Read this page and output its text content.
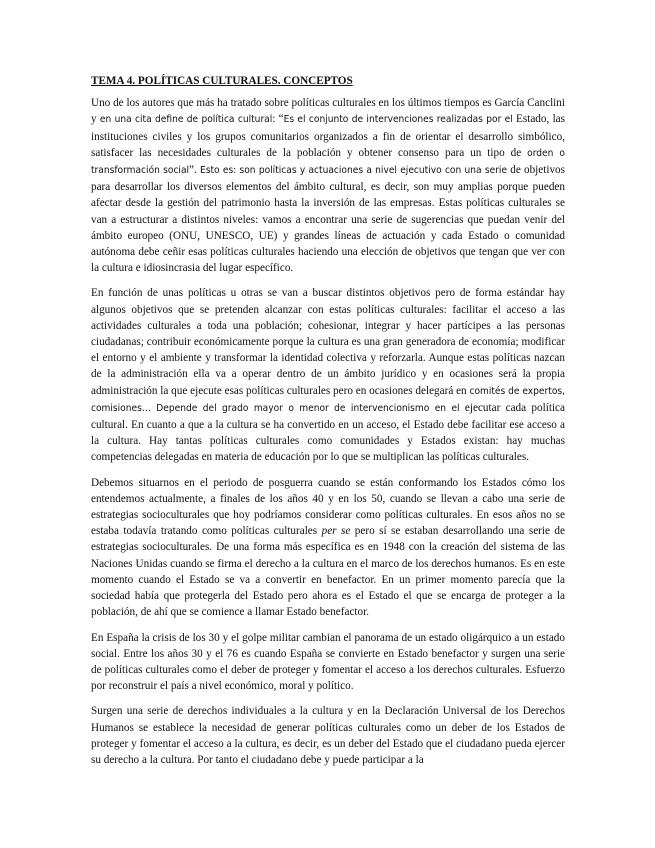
TEMA 4. POLÍTICAS CULTURALES. CONCEPTOS

Uno de los autores que más ha tratado sobre políticas culturales en los últimos tiempos es García Canclini y en una cita define de política cultural: “Es el conjunto de intervenciones realizadas por el Estado, las instituciones civiles y los grupos comunitarios organizados a fin de orientar el desarrollo simbólico, satisfacer las necesidades culturales de la población y obtener consenso para un tipo de orden o transformación social”. Esto es: son políticas y actuaciones a nivel ejecutivo con una serie de objetivos para desarrollar los diversos elementos del ámbito cultural, es decir, son muy amplias porque pueden afectar desde la gestión del patrimonio hasta la inversión de las empresas. Estas políticas culturales se van a estructurar a distintos niveles: vamos a encontrar una serie de sugerencias que puedan venir del ámbito europeo (ONU, UNESCO, UE) y grandes líneas de actuación y cada Estado o comunidad autónoma debe ceñir esas políticas culturales haciendo una elección de objetivos que tengan que ver con la cultura e idiosincrasia del lugar específico.

En función de unas políticas u otras se van a buscar distintos objetivos pero de forma estándar hay algunos objetivos que se pretenden alcanzar con estas políticas culturales: facilitar el acceso a las actividades culturales a toda una población; cohesionar, integrar y hacer partícipes a las personas ciudadanas; contribuir económicamente porque la cultura es una gran generadora de economía; modificar el entorno y el ambiente y transformar la identidad colectiva y reforzarla. Aunque estas políticas nazcan de la administración ella va a operar dentro de un ámbito jurídico y en ocasiones será la propia administración la que ejecute esas políticas culturales pero en ocasiones delegará en comités de expertos, comisiones… Depende del grado mayor o menor de intervencionismo en el ejecutar cada política cultural. En cuanto a que a la cultura se ha convertido en un acceso, el Estado debe facilitar ese acceso a la cultura. Hay tantas políticas culturales como comunidades y Estados existan: hay muchas competencias delegadas en materia de educación por lo que se multiplican las políticas culturales.

Debemos situarnos en el periodo de posguerra cuando se están conformando los Estados cómo los entendemos actualmente, a finales de los años 40 y en los 50, cuando se llevan a cabo una serie de estrategias socioculturales que hoy podríamos considerar como políticas culturales. En esos años no se estaba todavía tratando como políticas culturales per se pero sí se estaban desarrollando una serie de estrategias socioculturales. De una forma más específica es en 1948 con la creación del sistema de las Naciones Unidas cuando se firma el derecho a la cultura en el marco de los derechos humanos. Es en este momento cuando el Estado se va a convertir en benefactor. En un primer momento parecía que la sociedad había que protegerla del Estado pero ahora es el Estado el que se encarga de proteger a la población, de ahí que se comience a llamar Estado benefactor.

En España la crisis de los 30 y el golpe militar cambian el panorama de un estado oligárquico a un estado social. Entre los años 30 y el 76 es cuando España se convierte en Estado benefactor y surgen una serie de políticas culturales como el deber de proteger y fomentar el acceso a los derechos culturales. Esfuerzo por reconstruir el país a nivel económico, moral y político.

Surgen una serie de derechos individuales a la cultura y en la Declaración Universal de los Derechos Humanos se establece la necesidad de generar políticas culturales como un deber de los Estados de proteger y fomentar el acceso a la cultura, es decir, es un deber del Estado que el ciudadano pueda ejercer su derecho a la cultura. Por tanto el ciudadano debe y puede participar a la
